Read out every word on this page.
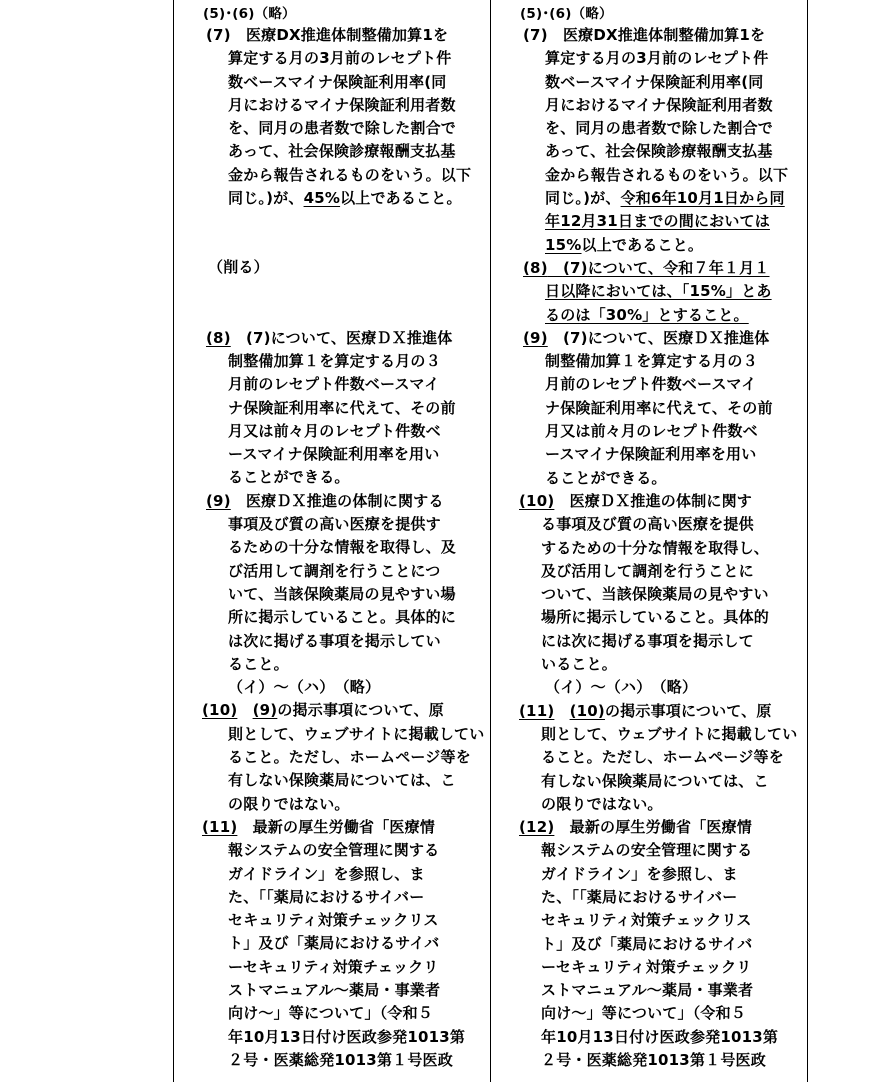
(5)･(6)（略）
(7)　 医療DX推進体制整備加算1を
算定する月の3月前のレセプト件
数ベースマイナ保険証利用率(同
月におけるマイナ保険証利用者数
を、同月の患者数で除した割合で
あって、社会保険診療報酬支払基
金から報告されるものをいう。以下
同じ。)が、45%以上であること。
（削る）
(8)　 (7)について、医療ＤＸ推進体
制整備加算１を算定する月の３
月前のレセプト件数ベースマイ
ナ保険証利用率に代えて、その前
月又は前々月のレセプト件数ベ
ースマイナ保険証利用率を用い
ることができる。
(9)　 医療ＤＸ推進の体制に関する
事項及び質の高い医療を提供す
るための十分な情報を取得し、及
び活用して調剤を行うことにつ
いて、当該保険薬局の見やすい場
所に掲示していること。具体的に
は次に掲げる事項を掲示してい
ること。
（イ）～（ハ）　（略）
(10)　 (9)の掲示事項について、原
則として、ウェブサイトに掲載してい
ること。ただし、ホームページ等を
有しない保険薬局については、こ
の限りではない。
(11)　 最新の厚生労働省「医療情
報システムの安全管理に関する
ガイドライン」を参照し、ま
た、「「薬局におけるサイバー
セキュリティ対策チェックリス
ト」及び「薬局におけるサイバ
ーセキュリティ対策チェックリ
ストマニュアル～薬局・事業者
向け～」等について」（令和５
年10月13日付け医政参発1013第
２号・医薬総発1013第１号医政
(5)･(6)（略）
(7)　 医療DX推進体制整備加算1を
算定する月の3月前のレセプト件
数ベースマイナ保険証利用率(同
月におけるマイナ保険証利用者数
を、同月の患者数で除した割合で
あって、社会保険診療報酬支払基
金から報告されるものをいう。以下
同じ。)が、令和6年10月1日から同
年12月31日までの間においては
15%以上であること。
(8)　 (7)について、令和７年１月１
日以降においては、「15%」とあ
るのは「30%」とすること。
(9)　 (7)について、医療ＤＸ推進体
制整備加算１を算定する月の３
月前のレセプト件数ベースマイ
ナ保険証利用率に代えて、その前
月又は前々月のレセプト件数ベ
ースマイナ保険証利用率を用い
ることができる。
(10)　 医療ＤＸ推進の体制に関す
る事項及び質の高い医療を提供
するための十分な情報を取得し、
及び活用して調剤を行うことに
ついて、当該保険薬局の見やすい
場所に掲示していること。具体的
には次に掲げる事項を掲示して
いること。
（イ）～（ハ）　（略）
(11)　 (10)の掲示事項について、原
則として、ウェブサイトに掲載してい
ること。ただし、ホームページ等を
有しない保険薬局については、こ
の限りではない。
(12)　 最新の厚生労働省「医療情
報システムの安全管理に関する
ガイドライン」を参照し、ま
た、「「薬局におけるサイバー
セキュリティ対策チェックリス
ト」及び「薬局におけるサイバ
ーセキュリティ対策チェックリ
ストマニュアル～薬局・事業者
向け～」等について」（令和５
年10月13日付け医政参発1013第
２号・医薬総発1013第１号医政
